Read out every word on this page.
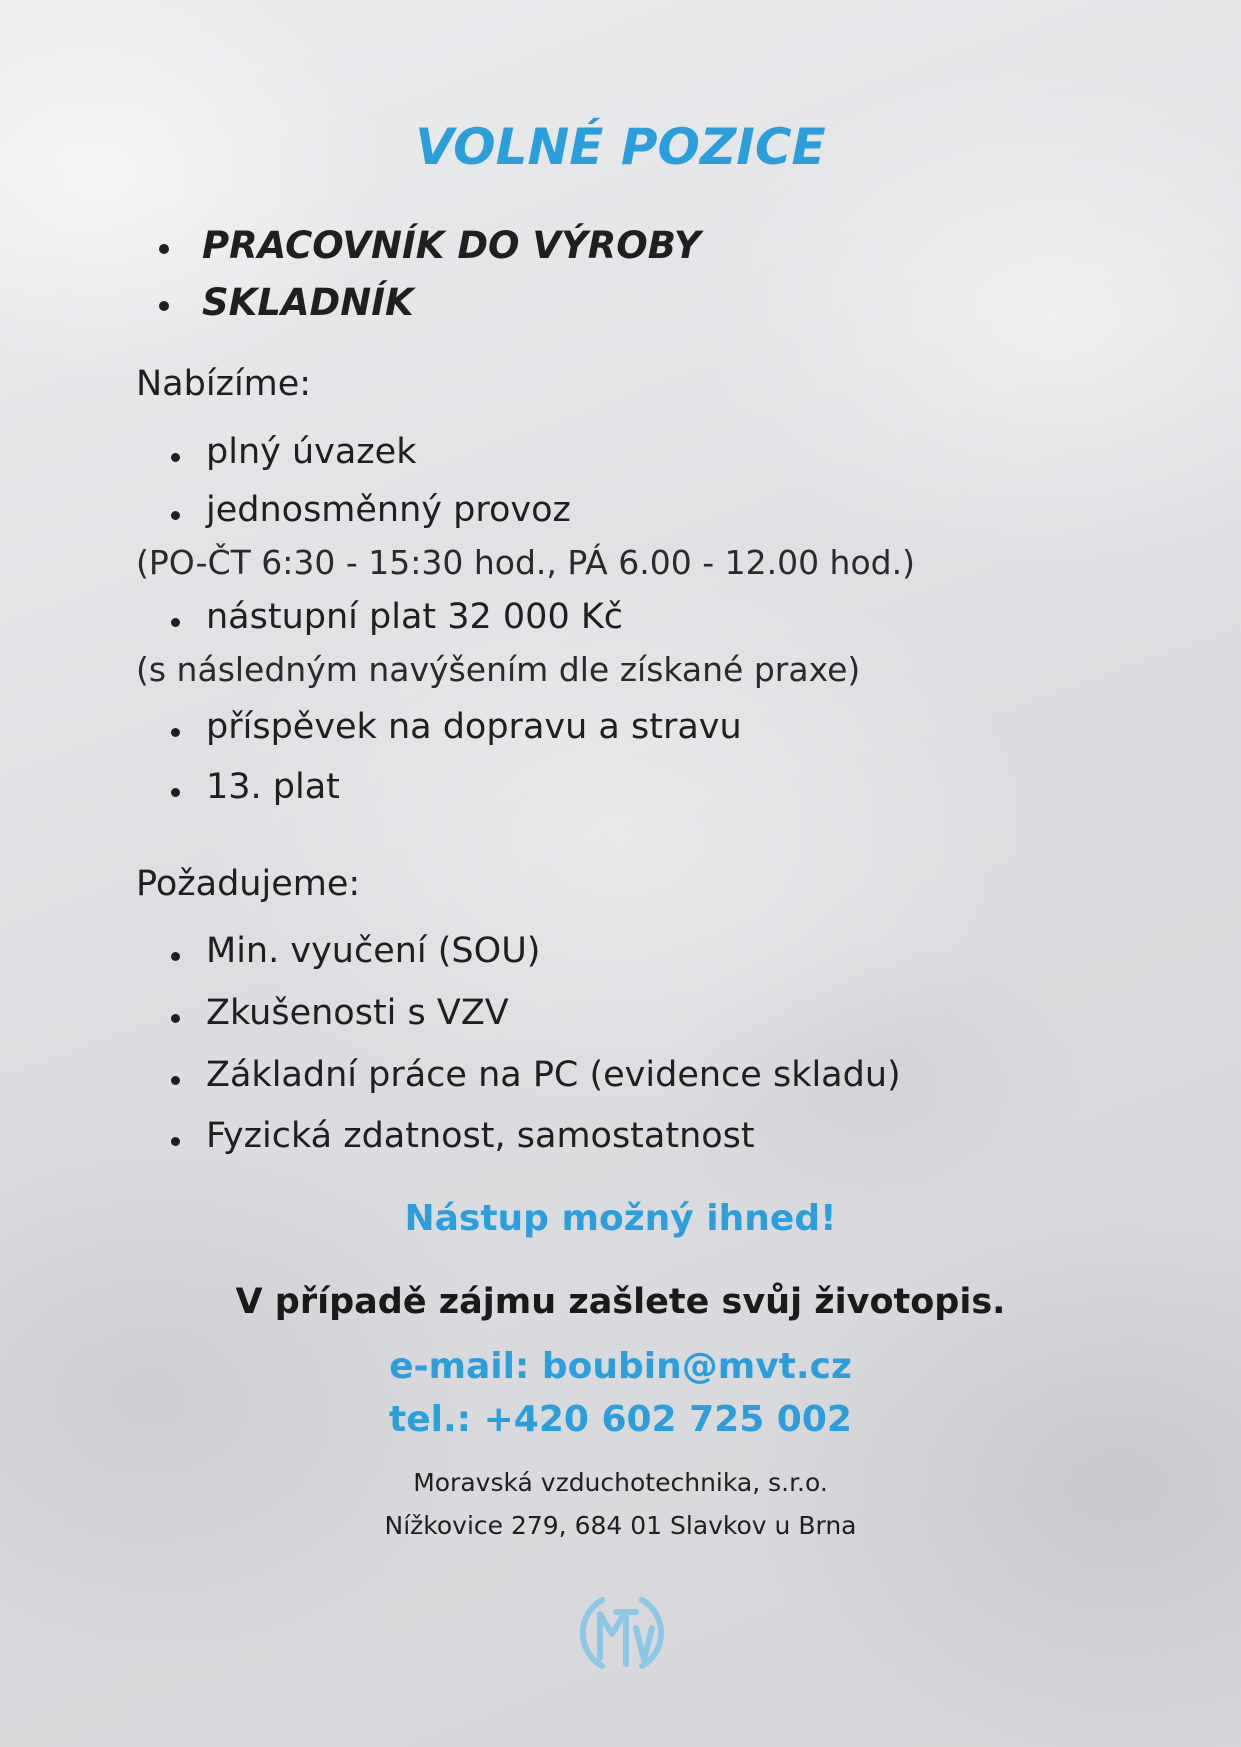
VOLNÉ POZICE
PRACOVNÍK DO VÝROBY
SKLADNÍK

Nabízíme:

plný úvazek

jednosměnný provoz

(PO-ČT 6:30 - 15:30 hod., PÁ 6.00 - 12.00 hod.)

nástupní plat 32 000 Kč

(s následným navýšením dle získané praxe)

příspěvek na dopravu a stravu

13. plat

Požadujeme:

Min. vyučení (SOU)

Zkušenosti s VZV

Základní práce na PC (evidence skladu)

Fyzická zdatnost, samostatnost

Nástup možný ihned!

V případě zájmu zašlete svůj životopis.

e-mail: boubin@mvt.cz

tel.: +420 602 725 002

Moravská vzduchotechnika, s.r.o.

Nížkovice 279, 684 01 Slavkov u Brna
